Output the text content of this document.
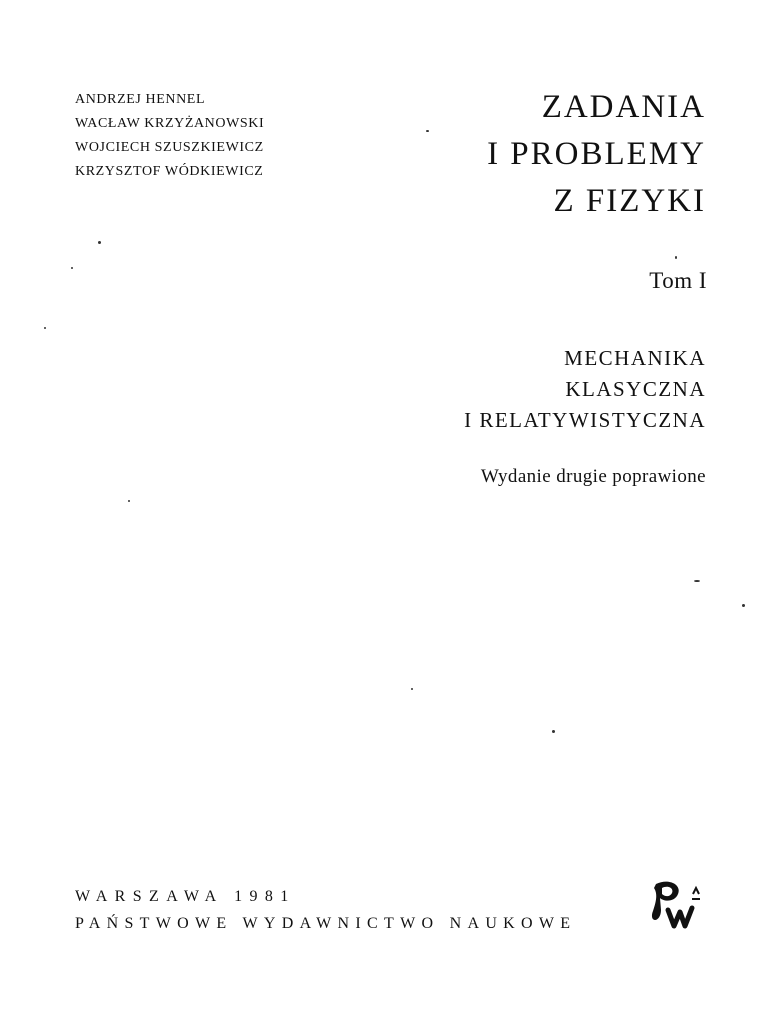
ANDRZEJ HENNEL
WACŁAW KRZYŻANOWSKI
WOJCIECH SZUSZKIEWICZ
KRZYSZTOF WÓDKIEWICZ
ZADANIA
I PROBLEMY
Z FIZYKI
Tom I
MECHANIKA
KLASYCZNA
I RELATYWISTYCZNA
Wydanie drugie poprawione
WARSZAWA 1981
PAŃSTWOWE WYDAWNICTWO NAUKOWE
